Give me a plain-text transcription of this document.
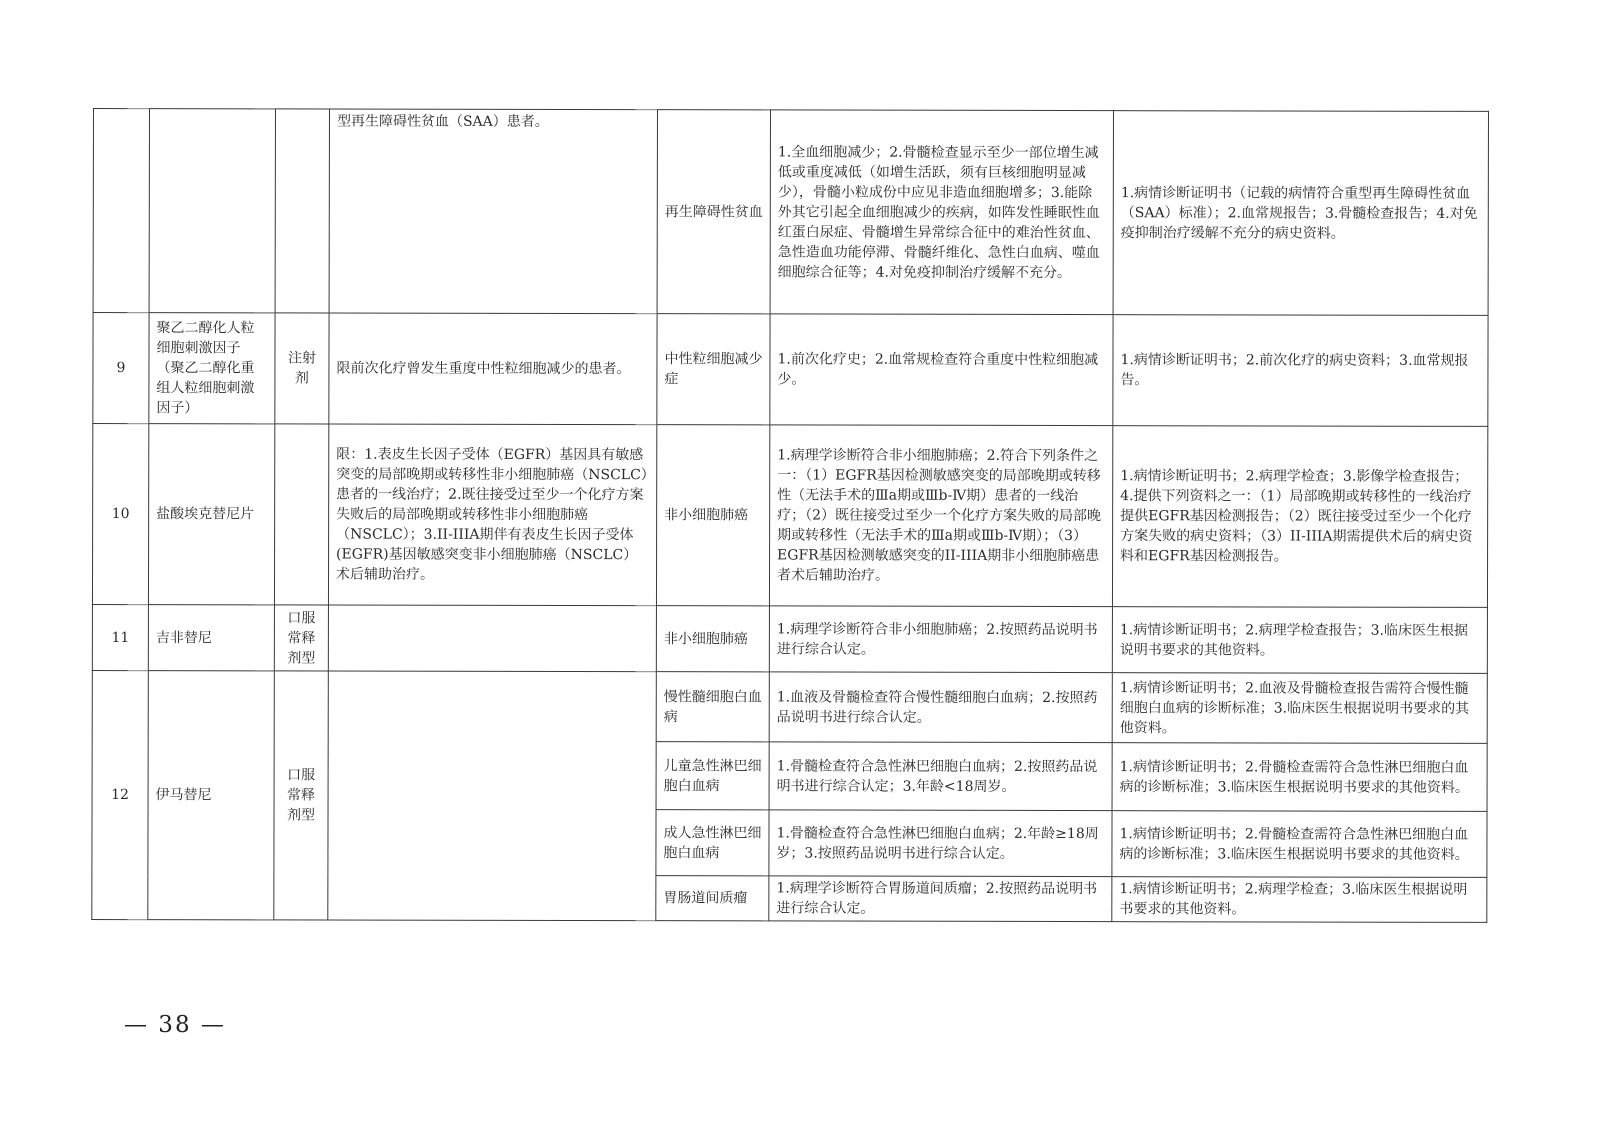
			型再生障碍性贫血（SAA）患者。	再生障碍性贫血	1.全血细胞减少；2.骨髓检查显示至少一部位增生减低或重度减低（如增生活跃，须有巨核细胞明显减少），骨髓小粒成份中应见非造血细胞增多；3.能除外其它引起全血细胞减少的疾病，如阵发性睡眠性血红蛋白尿症、骨髓增生异常综合征中的难治性贫血、急性造血功能停滞、骨髓纤维化、急性白血病、噬血细胞综合征等；4.对免疫抑制治疗缓解不充分。	1.病情诊断证明书（记载的病情符合重型再生障碍性贫血（SAA）标准）；2.血常规报告；3.骨髓检查报告；4.对免疫抑制治疗缓解不充分的病史资料。
9	聚乙二醇化人粒细胞刺激因子（聚乙二醇化重组人粒细胞刺激因子）	注射剂	限前次化疗曾发生重度中性粒细胞减少的患者。	中性粒细胞减少症	1.前次化疗史；2.血常规检查符合重度中性粒细胞减少。	1.病情诊断证明书；2.前次化疗的病史资料；3.血常规报告。
10	盐酸埃克替尼片		限：1.表皮生长因子受体（EGFR）基因具有敏感突变的局部晚期或转移性非小细胞肺癌（NSCLC）患者的一线治疗；2.既往接受过至少一个化疗方案失败后的局部晚期或转移性非小细胞肺癌（NSCLC）；3.II-IIIA期伴有表皮生长因子受体(EGFR)基因敏感突变非小细胞肺癌（NSCLC）术后辅助治疗。	非小细胞肺癌	1.病理学诊断符合非小细胞肺癌；2.符合下列条件之一：（1）EGFR基因检测敏感突变的局部晚期或转移性（无法手术的Ⅲa期或Ⅲb-Ⅳ期）患者的一线治疗；（2）既往接受过至少一个化疗方案失败的局部晚期或转移性（无法手术的Ⅲa期或Ⅲb-Ⅳ期）；（3）EGFR基因检测敏感突变的II-IIIA期非小细胞肺癌患者术后辅助治疗。	1.病情诊断证明书；2.病理学检查；3.影像学检查报告；4.提供下列资料之一：（1）局部晚期或转移性的一线治疗提供EGFR基因检测报告；（2）既往接受过至少一个化疗方案失败的病史资料；（3）II-IIIA期需提供术后的病史资料和EGFR基因检测报告。
11	吉非替尼	口服常释剂型		非小细胞肺癌	1.病理学诊断符合非小细胞肺癌；2.按照药品说明书进行综合认定。	1.病情诊断证明书；2.病理学检查报告；3.临床医生根据说明书要求的其他资料。
12	伊马替尼	口服常释剂型		慢性髓细胞白血病	1.血液及骨髓检查符合慢性髓细胞白血病；2.按照药品说明书进行综合认定。	1.病情诊断证明书；2.血液及骨髓检查报告需符合慢性髓细胞白血病的诊断标准；3.临床医生根据说明书要求的其他资料。
				儿童急性淋巴细胞白血病	1.骨髓检查符合急性淋巴细胞白血病；2.按照药品说明书进行综合认定；3.年龄<18周岁。	1.病情诊断证明书；2.骨髓检查需符合急性淋巴细胞白血病的诊断标准；3.临床医生根据说明书要求的其他资料。
				成人急性淋巴细胞白血病	1.骨髓检查符合急性淋巴细胞白血病；2.年龄≥18周岁；3.按照药品说明书进行综合认定。	1.病情诊断证明书；2.骨髓检查需符合急性淋巴细胞白血病的诊断标准；3.临床医生根据说明书要求的其他资料。
				胃肠道间质瘤	1.病理学诊断符合胃肠道间质瘤；2.按照药品说明书进行综合认定。	1.病情诊断证明书；2.病理学检查；3.临床医生根据说明书要求的其他资料。
— 38 —
